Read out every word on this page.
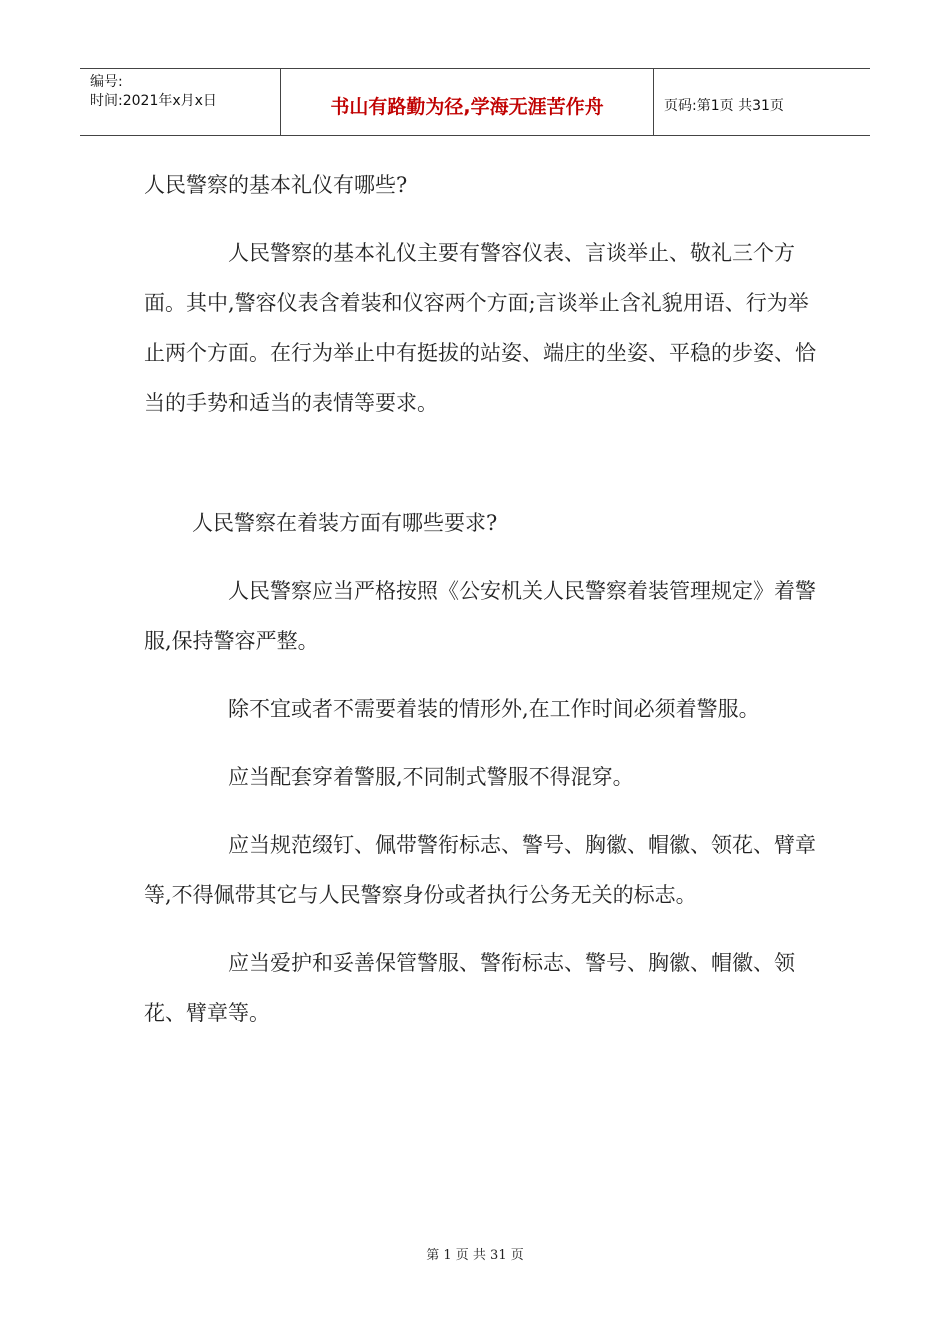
编号:
时间:2021年x月x日	书山有路勤为径,学海无涯苦作舟	页码:第1页 共31页

人民警察的基本礼仪有哪些?

人民警察的基本礼仪主要有警容仪表、言谈举止、敬礼三个方面。其中,警容仪表含着装和仪容两个方面;言谈举止含礼貌用语、行为举止两个方面。在行为举止中有挺拔的站姿、端庄的坐姿、平稳的步姿、恰当的手势和适当的表情等要求。

人民警察在着装方面有哪些要求?

人民警察应当严格按照《公安机关人民警察着装管理规定》着警服,保持警容严整。

除不宜或者不需要着装的情形外,在工作时间必须着警服。

应当配套穿着警服,不同制式警服不得混穿。

应当规范缀钉、佩带警衔标志、警号、胸徽、帽徽、领花、臂章等,不得佩带其它与人民警察身份或者执行公务无关的标志。

应当爱护和妥善保管警服、警衔标志、警号、胸徽、帽徽、领花、臂章等。

第 1 页 共 31 页
